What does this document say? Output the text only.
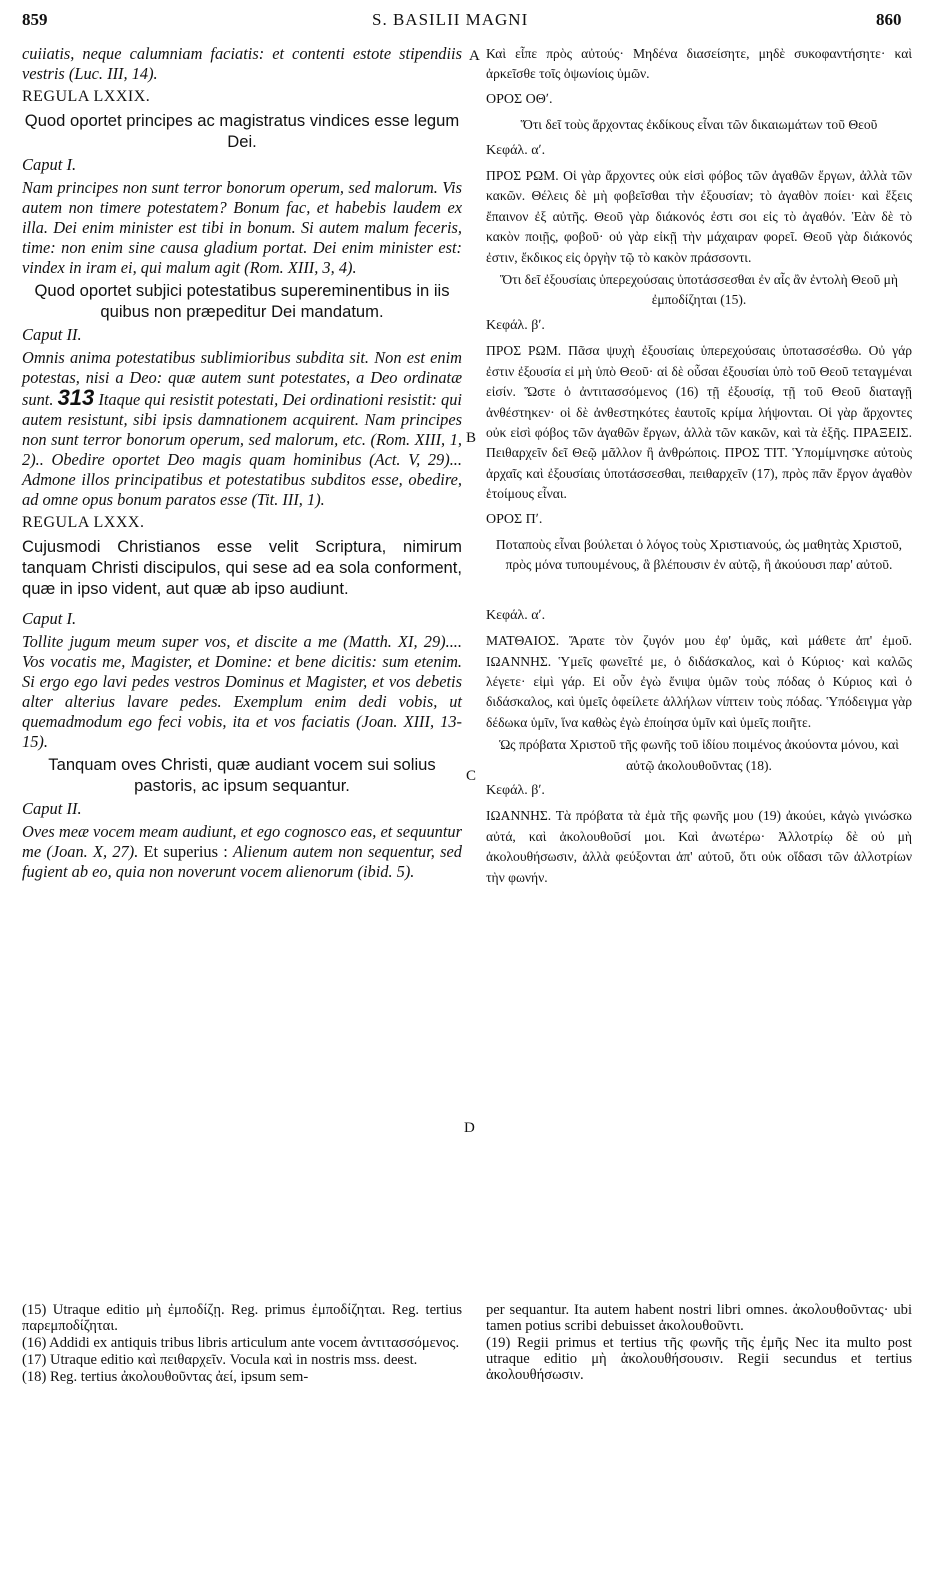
859	S. BASILII MAGNI	860
A
B
C
D

cuiiatis, neque calumniam faciatis: et contenti estote stipendiis vestris (Luc. III, 14).

REGULA LXXIX.

Quod oportet principes ac magistratus vindices esse legum Dei.

Caput I.

Nam principes non sunt terror bonorum operum, sed malorum. Vis autem non timere potestatem? Bonum fac, et habebis laudem ex illa. Dei enim minister est tibi in bonum. Si autem malum feceris, time: non enim sine causa gladium portat. Dei enim minister est: vindex in iram ei, qui malum agit (Rom. XIII, 3, 4).

Quod oportet subjici potestatibus supereminentibus in iis quibus non præpeditur Dei mandatum.

Caput II.

Omnis anima potestatibus sublimioribus subdita sit. Non est enim potestas, nisi a Deo: quæ autem sunt potestates, a Deo ordinatæ sunt. 313 Itaque qui resistit potestati, Dei ordinationi resistit: qui autem resistunt, sibi ipsis damnationem acquirent. Nam principes non sunt terror bonorum operum, sed malorum, etc. (Rom. XIII, 1, 2).. Obedire oportet Deo magis quam hominibus (Act. V, 29)... Admone illos principatibus et potestatibus subditos esse, obedire, ad omne opus bonum paratos esse (Tit. III, 1).

REGULA LXXX.

Cujusmodi Christianos esse velit Scriptura, nimirum tanquam Christi discipulos, qui sese ad ea sola conforment, quæ in ipso vident, aut quæ ab ipso audiunt.

Caput I.

Tollite jugum meum super vos, et discite a me (Matth. XI, 29).... Vos vocatis me, Magister, et Domine: et bene dicitis: sum etenim. Si ergo ego lavi pedes vestros Dominus et Magister, et vos debetis alter alterius lavare pedes. Exemplum enim dedi vobis, ut quemadmodum ego feci vobis, ita et vos faciatis (Joan. XIII, 13-15).

Tanquam oves Christi, quæ audiant vocem sui solius pastoris, ac ipsum sequantur.

Caput II.

Oves meæ vocem meam audiunt, et ego cognosco eas, et sequuntur me (Joan. X, 27). Et superius : Alienum autem non sequentur, sed fugient ab eo, quia non noverunt vocem alienorum (ibid. 5).

Καὶ εἶπε πρὸς αὐτούς· Μηδένα διασείσητε, μηδὲ συκοφαντήσητε· καὶ ἀρκεῖσθε τοῖς ὀψωνίοις ὑμῶν.

ΟΡΟΣ ΟΘʹ.

Ὅτι δεῖ τοὺς ἄρχοντας ἐκδίκους εἶναι τῶν δικαιωμάτων τοῦ Θεοῦ

Κεφάλ. αʹ.

ΠΡΟΣ ΡΩΜ. Οἱ γὰρ ἄρχοντες οὐκ εἰσὶ φόβος τῶν ἀγαθῶν ἔργων, ἀλλὰ τῶν κακῶν. Θέλεις δὲ μὴ φοβεῖσθαι τὴν ἐξουσίαν; τὸ ἀγαθὸν ποίει· καὶ ἕξεις ἔπαινον ἐξ αὐτῆς. Θεοῦ γὰρ διάκονός ἐστι σοι εἰς τὸ ἀγαθόν. Ἐὰν δὲ τὸ κακὸν ποιῇς, φοβοῦ· οὐ γὰρ εἰκῇ τὴν μάχαιραν φορεῖ. Θεοῦ γὰρ διάκονός ἐστιν, ἔκδικος εἰς ὀργὴν τῷ τὸ κακὸν πράσσοντι.

Ὅτι δεῖ ἐξουσίαις ὑπερεχούσαις ὑποτάσσεσθαι ἐν αἷς ἂν ἐντολὴ Θεοῦ μὴ ἐμποδίζηται (15).

Κεφάλ. βʹ.

ΠΡΟΣ ΡΩΜ. Πᾶσα ψυχὴ ἐξουσίαις ὑπερεχούσαις ὑποτασσέσθω. Οὐ γάρ ἐστιν ἐξουσία εἰ μὴ ὑπὸ Θεοῦ· αἱ δὲ οὖσαι ἐξουσίαι ὑπὸ τοῦ Θεοῦ τεταγμέναι εἰσίν. Ὥστε ὁ ἀντιτασσόμενος (16) τῇ ἐξουσίᾳ, τῇ τοῦ Θεοῦ διαταγῇ ἀνθέστηκεν· οἱ δὲ ἀνθεστηκότες ἑαυτοῖς κρίμα λήψονται. Οἱ γὰρ ἄρχοντες οὐκ εἰσὶ φόβος τῶν ἀγαθῶν ἔργων, ἀλλὰ τῶν κακῶν, καὶ τὰ ἑξῆς. ΠΡΑΞΕΙΣ. Πειθαρχεῖν δεῖ Θεῷ μᾶλλον ἢ ἀνθρώποις. ΠΡΟΣ ΤΙΤ. Ὑπομίμνησκε αὐτοὺς ἀρχαῖς καὶ ἐξουσίαις ὑποτάσσεσθαι, πειθαρχεῖν (17), πρὸς πᾶν ἔργον ἀγαθὸν ἑτοίμους εἶναι.

ΟΡΟΣ Πʹ.

Ποταποὺς εἶναι βούλεται ὁ λόγος τοὺς Χριστιανούς, ὡς μαθητὰς Χριστοῦ, πρὸς μόνα τυπουμένους, ἃ βλέπουσιν ἐν αὐτῷ, ἢ ἀκούουσι παρ' αὐτοῦ.

Κεφάλ. αʹ.

ΜΑΤΘΑΙΟΣ. Ἄρατε τὸν ζυγόν μου ἐφ' ὑμᾶς, καὶ μάθετε ἀπ' ἐμοῦ. ΙΩΑΝΝΗΣ. Ὑμεῖς φωνεῖτέ με, ὁ διδάσκαλος, καὶ ὁ Κύριος· καὶ καλῶς λέγετε· εἰμὶ γάρ. Εἰ οὖν ἐγὼ ἔνιψα ὑμῶν τοὺς πόδας ὁ Κύριος καὶ ὁ διδάσκαλος, καὶ ὑμεῖς ὀφείλετε ἀλλήλων νίπτειν τοὺς πόδας. Ὑπόδειγμα γὰρ δέδωκα ὑμῖν, ἵνα καθὼς ἐγὼ ἐποίησα ὑμῖν καὶ ὑμεῖς ποιῆτε.

Ὡς πρόβατα Χριστοῦ τῆς φωνῆς τοῦ ἰδίου ποιμένος ἀκούοντα μόνου, καὶ αὐτῷ ἀκολουθοῦντας (18).

Κεφάλ. βʹ.

ΙΩΑΝΝΗΣ. Τὰ πρόβατα τὰ ἐμὰ τῆς φωνῆς μου (19) ἀκούει, κἀγὼ γινώσκω αὐτά, καὶ ἀκολουθοῦσί μοι. Καὶ ἀνωτέρω· Ἀλλοτρίῳ δὲ οὐ μὴ ἀκολουθήσωσιν, ἀλλὰ φεύξονται ἀπ' αὐτοῦ, ὅτι οὐκ οἴδασι τῶν ἀλλοτρίων τὴν φωνήν.

(15) Utraque editio μὴ ἐμποδίζῃ. Reg. primus ἐμποδίζηται. Reg. tertius παρεμποδίζηται.

(16) Addidi ex antiquis tribus libris articulum ante vocem ἀντιτασσόμενος.

(17) Utraque editio καὶ πειθαρχεῖν. Vocula καὶ in nostris mss. deest.

(18) Reg. tertius ἀκολουθοῦντας ἀεί, ipsum sem-

per sequantur. Ita autem habent nostri libri omnes. ἀκολουθοῦντας· ubi tamen potius scribi debuisset ἀκολουθοῦντι.

(19) Regii primus et tertius τῆς φωνῆς τῆς ἐμῆς Nec ita multo post utraque editio μὴ ἀκολουθήσουσιν. Regii secundus et tertius ἀκολουθήσωσιν.
